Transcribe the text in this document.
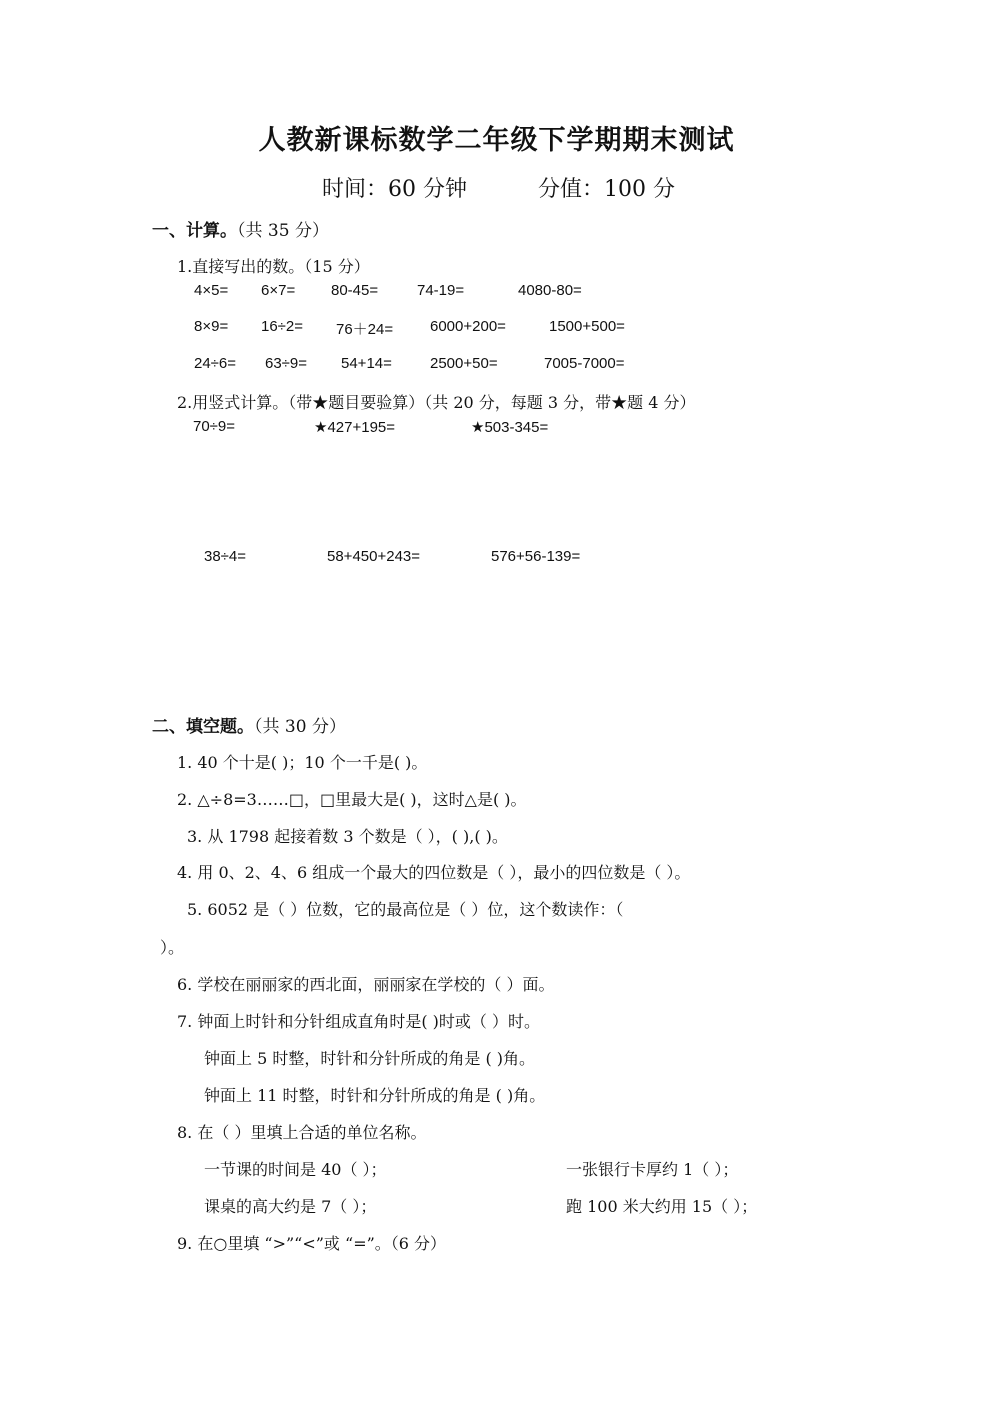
人教新课标数学二年级下学期期末测试
时间：60 分钟	分值：100 分
一、计算。（共 35 分）
1.直接写出的数。（15 分）
4×5= 6×7= 80-45=	74-19=	4080-80=
8×9= 16÷2= 76＋24= 6000+200=	1500+500=
24÷6= 63÷9= 54+14=	2500+50=	7005-7000=
2.用竖式计算。（带★题目要验算）（共 20 分，每题 3 分，带★题 4 分）
70÷9=	★427+195=	★503-345=
38÷4=	58+450+243=	576+56-139=
二、填空题。（共 30 分）
1. 40 个十是( )；10 个一千是( )。
2. △÷8=3……□，□里最大是( )，这时△是( )。
3. 从 1798 起接着数 3 个数是（ ），( ),( )。
4. 用 0、2、4、6 组成一个最大的四位数是（ ），最小的四位数是（ ）。
5. 6052 是（ ）位数，它的最高位是（ ）位，这个数读作：（
）。
6. 学校在丽丽家的西北面，丽丽家在学校的（ ）面。
7. 钟面上时针和分针组成直角时是( )时或（ ）时。
钟面上 5 时整，时针和分针所成的角是 ( )角。
钟面上 11 时整，时针和分针所成的角是 ( )角。
8. 在（ ）里填上合适的单位名称。
一节课的时间是 40（ ）；	一张银行卡厚约 1（ ）；
课桌的高大约是 7（ ）；	跑 100 米大约用 15（ ）；
9. 在○里填 “>”“<”或 “=”。（6 分）
